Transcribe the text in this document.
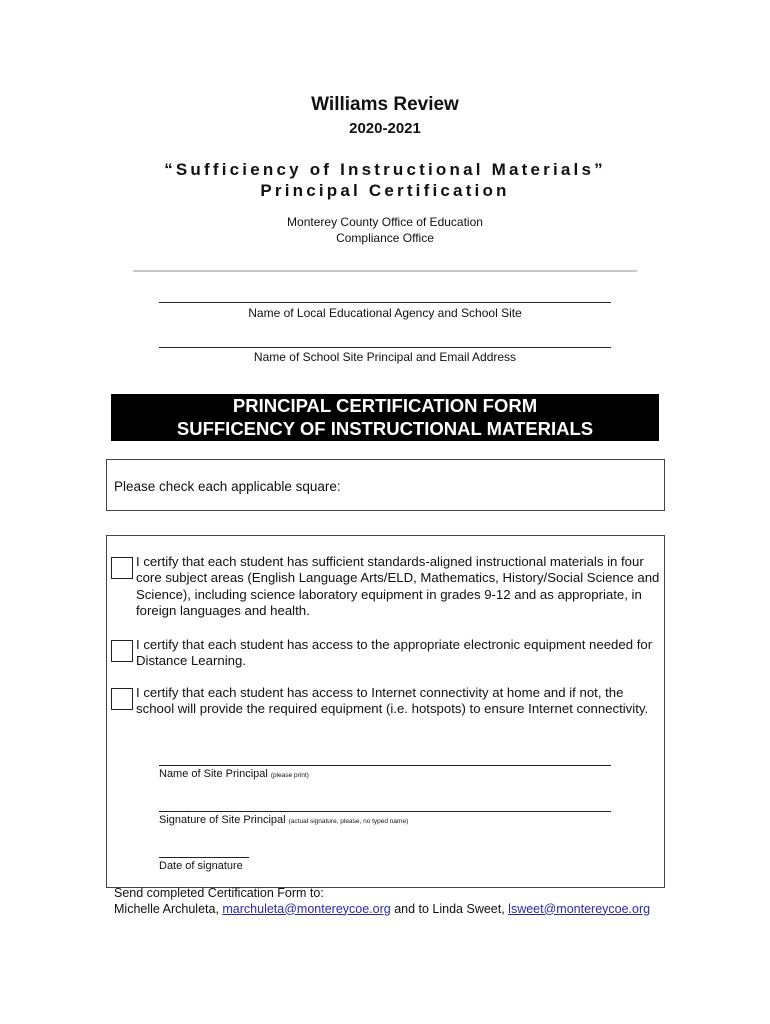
Williams Review
2020-2021
“Sufficiency of Instructional Materials”
Principal Certification
Monterey County Office of Education
Compliance Office
Name of Local Educational Agency and School Site
Name of School Site Principal and Email Address
PRINCIPAL CERTIFICATION FORM
SUFFICENCY OF INSTRUCTIONAL MATERIALS
Please check each applicable square:
I certify that each student has sufficient standards-aligned instructional materials in four core subject areas (English Language Arts/ELD, Mathematics, History/Social Science and Science), including science laboratory equipment in grades 9-12 and as appropriate, in foreign languages and health.
I certify that each student has access to the appropriate electronic equipment needed for Distance Learning.
I certify that each student has access to Internet connectivity at home and if not, the school will provide the required equipment (i.e. hotspots) to ensure Internet connectivity.
Name of Site Principal (please print)
Signature of Site Principal (actual signature, please, no typed name)
Date of signature
Send completed Certification Form to:
Michelle Archuleta, marchuleta@montereycoe.org and to Linda Sweet, lsweet@montereycoe.org
